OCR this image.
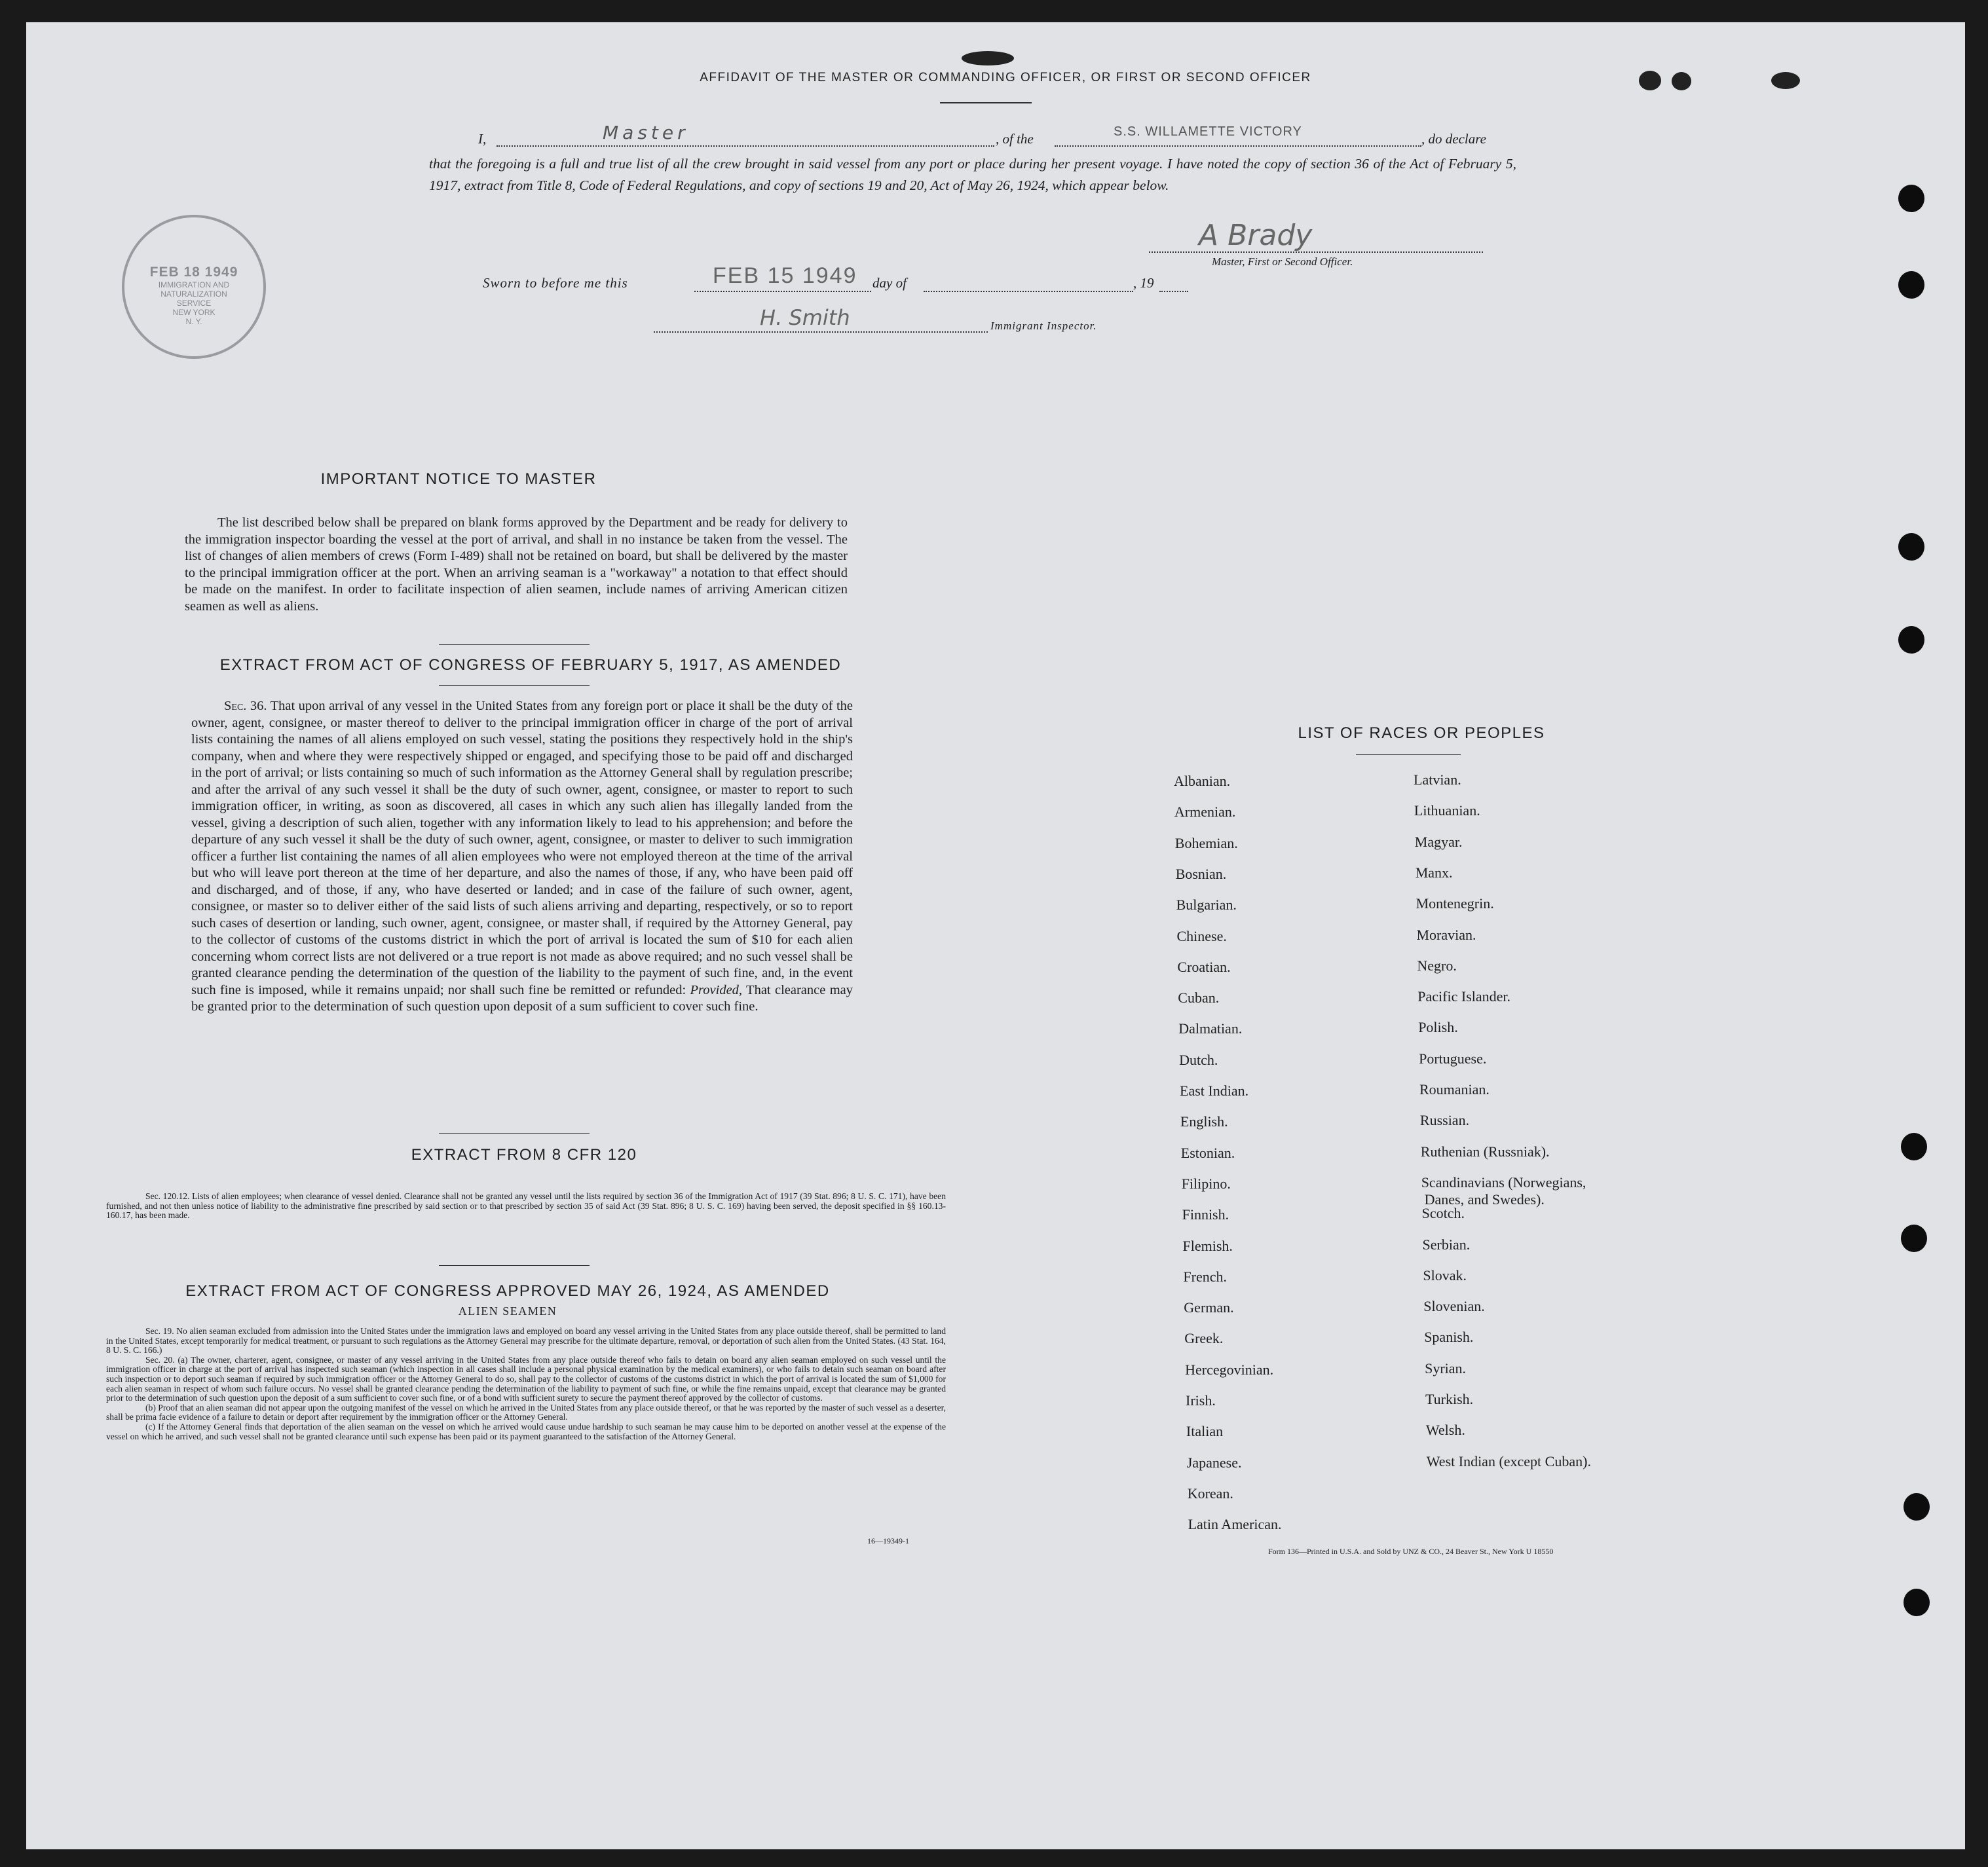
AFFIDAVIT OF THE MASTER OR COMMANDING OFFICER, OR FIRST OR SECOND OFFICER
I,	Master	, of the	S.S. WILLAMETTE VICTORY	, do declare
that the foregoing is a full and true list of all the crew brought in said vessel from any port or place during her present voyage. I have noted the copy of section 36 of the Act of February 5, 1917, extract from Title 8, Code of Federal Regulations, and copy of sections 19 and 20, Act of May 26, 1924, which appear below.
A Brady
Master, First or Second Officer.
Sworn to before me this	FEB 15 1949 day of	, 19
H. Smith	Immigrant Inspector.
FEB 18 1949
IMMIGRATION AND
NATURALIZATION
SERVICE
NEW YORK
N. Y.
IMPORTANT NOTICE TO MASTER
The list described below shall be prepared on blank forms approved by the Department and be ready for delivery to the immigration inspector boarding the vessel at the port of arrival, and shall in no instance be taken from the vessel. The list of changes of alien members of crews (Form I-489) shall not be retained on board, but shall be delivered by the master to the principal immigration officer at the port. When an arriving seaman is a "workaway" a notation to that effect should be made on the manifest. In order to facilitate inspection of alien seamen, include names of arriving American citizen seamen as well as aliens.
EXTRACT FROM ACT OF CONGRESS OF FEBRUARY 5, 1917, AS AMENDED
Sec. 36. That upon arrival of any vessel in the United States from any foreign port or place it shall be the duty of the owner, agent, consignee, or master thereof to deliver to the principal immigration officer in charge of the port of arrival lists containing the names of all aliens employed on such vessel, stating the positions they respectively hold in the ship's company, when and where they were respectively shipped or engaged, and specifying those to be paid off and discharged in the port of arrival; or lists containing so much of such information as the Attorney General shall by regulation prescribe; and after the arrival of any such vessel it shall be the duty of such owner, agent, consignee, or master to report to such immigration officer, in writing, as soon as discovered, all cases in which any such alien has illegally landed from the vessel, giving a description of such alien, together with any information likely to lead to his apprehension; and before the departure of any such vessel it shall be the duty of such owner, agent, consignee, or master to deliver to such immigration officer a further list containing the names of all alien employees who were not employed thereon at the time of the arrival but who will leave port thereon at the time of her departure, and also the names of those, if any, who have been paid off and discharged, and of those, if any, who have deserted or landed; and in case of the failure of such owner, agent, consignee, or master so to deliver either of the said lists of such aliens arriving and departing, respectively, or so to report such cases of desertion or landing, such owner, agent, consignee, or master shall, if required by the Attorney General, pay to the collector of customs of the customs district in which the port of arrival is located the sum of $10 for each alien concerning whom correct lists are not delivered or a true report is not made as above required; and no such vessel shall be granted clearance pending the determination of the question of the liability to the payment of such fine, and, in the event such fine is imposed, while it remains unpaid; nor shall such fine be remitted or refunded: Provided, That clearance may be granted prior to the determination of such question upon deposit of a sum sufficient to cover such fine.
EXTRACT FROM 8 CFR 120
Sec. 120.12. Lists of alien employees; when clearance of vessel denied. Clearance shall not be granted any vessel until the lists required by section 36 of the Immigration Act of 1917 (39 Stat. 896; 8 U. S. C. 171), have been furnished, and not then unless notice of liability to the administrative fine prescribed by said section or to that prescribed by section 35 of said Act (39 Stat. 896; 8 U. S. C. 169) having been served, the deposit specified in §§ 160.13-160.17, has been made.
EXTRACT FROM ACT OF CONGRESS APPROVED MAY 26, 1924, AS AMENDED
ALIEN SEAMEN
Sec. 19. No alien seaman excluded from admission into the United States under the immigration laws and employed on board any vessel arriving in the United States from any place outside thereof, shall be permitted to land in the United States, except temporarily for medical treatment, or pursuant to such regulations as the Attorney General may prescribe for the ultimate departure, removal, or deportation of such alien from the United States. (43 Stat. 164, 8 U. S. C. 166.)
Sec. 20. (a) The owner, charterer, agent, consignee, or master of any vessel arriving in the United States from any place outside thereof who fails to detain on board any alien seaman employed on such vessel until the immigration officer in charge at the port of arrival has inspected such seaman (which inspection in all cases shall include a personal physical examination by the medical examiners), or who fails to detain such seaman on board after such inspection or to deport such seaman if required by such immigration officer or the Attorney General to do so, shall pay to the collector of customs of the customs district in which the port of arrival is located the sum of $1,000 for each alien seaman in respect of whom such failure occurs. No vessel shall be granted clearance pending the determination of the liability to payment of such fine, or while the fine remains unpaid, except that clearance may be granted prior to the determination of such question upon the deposit of a sum sufficient to cover such fine, or of a bond with sufficient surety to secure the payment thereof approved by the collector of customs.
(b) Proof that an alien seaman did not appear upon the outgoing manifest of the vessel on which he arrived in the United States from any place outside thereof, or that he was reported by the master of such vessel as a deserter, shall be prima facie evidence of a failure to detain or deport after requirement by the immigration officer or the Attorney General.
(c) If the Attorney General finds that deportation of the alien seaman on the vessel on which he arrived would cause undue hardship to such seaman he may cause him to be deported on another vessel at the expense of the vessel on which he arrived, and such vessel shall not be granted clearance until such expense has been paid or its payment guaranteed to the satisfaction of the Attorney General.
16—19349-1
LIST OF RACES OR PEOPLES
Form 136—Printed in U.S.A. and Sold by UNZ & CO., 24 Beaver St., New York U 18550
Albanian.
Armenian.
Bohemian.
Bosnian.
Bulgarian.
Chinese.
Croatian.
Cuban.
Dalmatian.
Dutch.
East Indian.
English.
Estonian.
Filipino.
Finnish.
Flemish.
French.
German.
Greek.
Hercegovinian.
Irish.
Italian
Japanese.
Korean.
Latin American.
Latvian.
Lithuanian.
Magyar.
Manx.
Montenegrin.
Moravian.
Negro.
Pacific Islander.
Polish.
Portuguese.
Roumanian.
Russian.
Ruthenian (Russniak).
Scandinavians (Norwegians,
Danes, and Swedes).
Scotch.
Serbian.
Slovak.
Slovenian.
Spanish.
Syrian.
Turkish.
Welsh.
West Indian (except Cuban).
